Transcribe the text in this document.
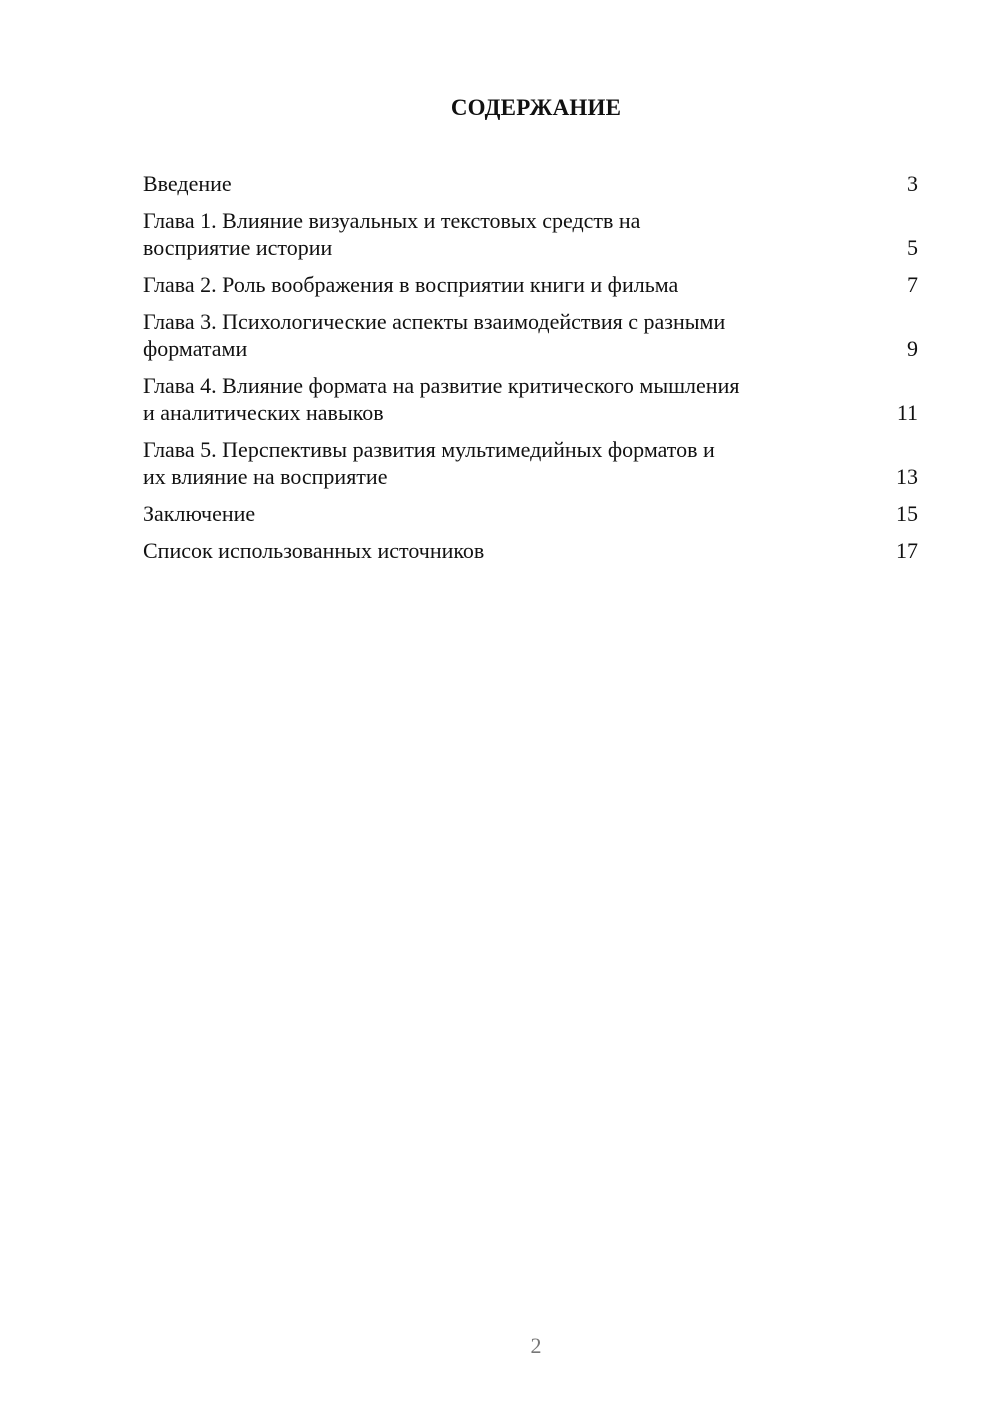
СОДЕРЖАНИЕ
Введение	3
Глава 1. Влияние визуальных и текстовых средств на
восприятие истории	5
Глава 2. Роль воображения в восприятии книги и фильма	7
Глава 3. Психологические аспекты взаимодействия с разными
форматами	9
Глава 4. Влияние формата на развитие критического мышления
и аналитических навыков	11
Глава 5. Перспективы развития мультимедийных форматов и
их влияние на восприятие	13
Заключение	15
Список использованных источников	17
2
